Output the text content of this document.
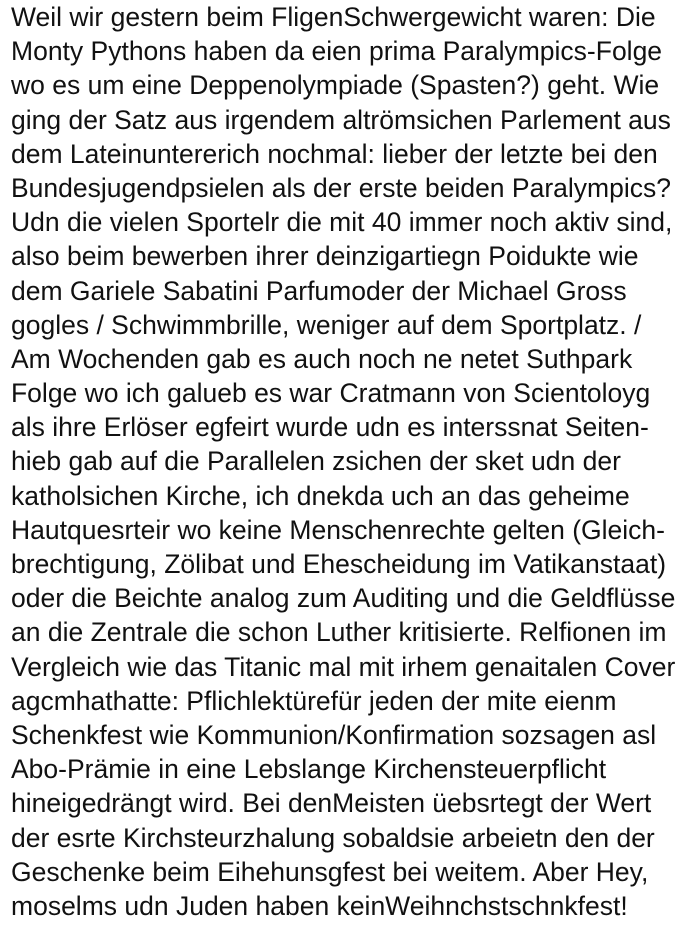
Weil wir gestern beim FligenSchwergewicht waren: Die
Monty Pythons haben da eien prima Paralympics-Folge
wo es um eine Deppenolympiade (Spasten?) geht. Wie
ging der Satz aus irgendem altrömsichen Parlement aus
dem Lateinuntererich nochmal: lieber der letzte bei den
Bundesjugendpsielen als der erste beiden Paralympics?
Udn die vielen Sportelr die mit 40 immer noch aktiv sind,
also beim bewerben ihrer deinzigartiegn Poidukte wie
dem Gariele Sabatini Parfumoder der Michael Gross
gogles / Schwimmbrille, weniger auf dem Sportplatz. /
Am Wochenden gab es auch noch ne netet Suthpark
Folge wo ich galueb es war Cratmann von Scientoloyg
als ihre Erlöser egfeirt wurde udn es interssnat Seiten-
hieb gab auf die Parallelen zsichen der sket udn der
katholsichen Kirche, ich dnekda uch an das geheime
Hautquesrteir wo keine Menschenrechte gelten (Gleich-
brechtigung, Zölibat und Ehescheidung im Vatikanstaat)
oder die Beichte analog zum Auditing und die Geldflüsse
an die Zentrale die schon Luther kritisierte. Relfionen im
Vergleich wie das Titanic mal mit irhem genaitalen Cover
agcmhathatte: Pflichlektürefür jeden der mite eienm
Schenkfest wie Kommunion/Konfirmation sozsagen asl
Abo-Prämie in eine Lebslange Kirchensteuerpflicht
hineigedrängt wird. Bei denMeisten üebsrtegt der Wert
der esrte Kirchsteurzhalung sobaldsie arbeietn den der
Geschenke beim Eihehunsgfest bei weitem. Aber Hey,
moselms udn Juden haben keinWeihnchstschnkfest!
